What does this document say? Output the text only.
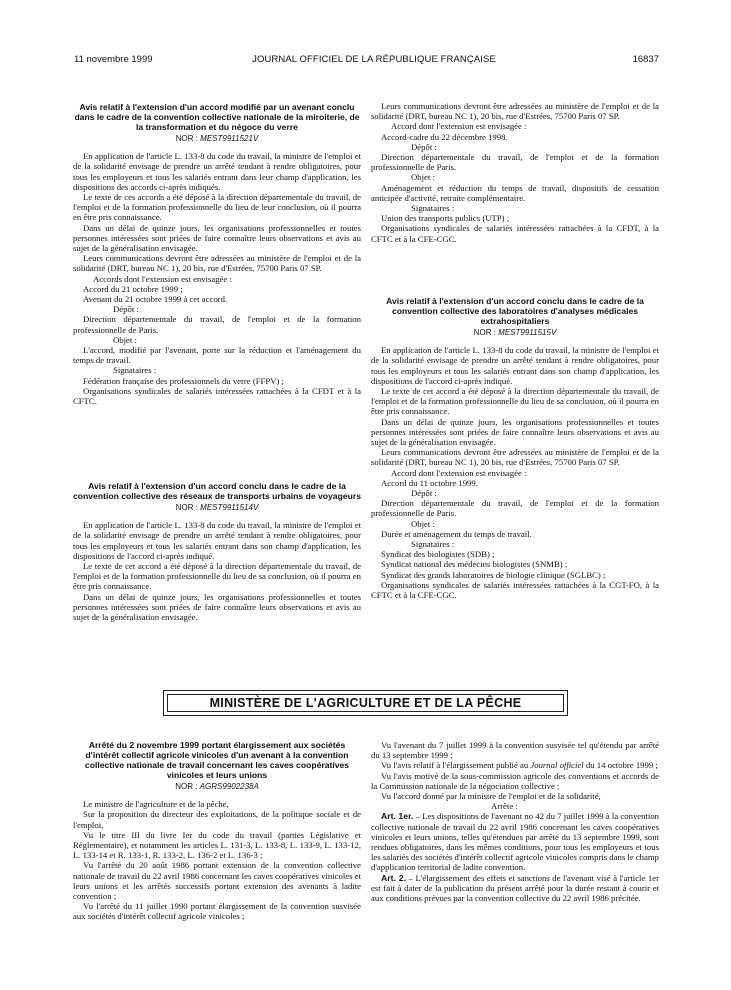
11 novembre 1999	JOURNAL OFFICIEL DE LA RÉPUBLIQUE FRANÇAISE	16837
Avis relatif à l'extension d'un accord modifié par un avenant conclu dans le cadre de la convention collective nationale de la miroiterie, de la transformation et du négoce du verre
NOR : MEST9911521V

En application de l'article L. 133-8 du code du travail, la ministre de l'emploi et de la solidarité envisage de prendre un arrêté tendant à rendre obligatoires, pour tous les employeurs et tous les salariés entrant dans leur champ d'application, les dispositions des accords ci-après indiqués.

Le texte de ces accords a été déposé à la direction départementale du travail, de l'emploi et de la formation professionnelle du lieu de leur conclusion, où il pourra en être pris connaissance.

Dans un délai de quinze jours, les organisations professionnelles et toutes personnes intéressées sont priées de faire connaître leurs observations et avis au sujet de la généralisation envisagée.

Leurs communications devront être adressées au ministère de l'emploi et de la solidarité (DRT, bureau NC 1), 20 bis, rue d'Estrées, 75700 Paris 07 SP.

Accords dont l'extension est envisagée :

Accord du 21 octobre 1999 ;

Avenant du 21 octobre 1999 à cet accord.

Dépôt :

Direction départementale du travail, de l'emploi et de la formation professionnelle de Paris.

Objet :

L'accord, modifié par l'avenant, porte sur la réduction et l'aménagement du temps de travail.

Signataires :

Fédération française des professionnels du verre (FFPV) ;

Organisations syndicales de salariés intéressées rattachées à la CFDT et à la CFTC.

Avis relatif à l'extension d'un accord conclu dans le cadre de la convention collective des réseaux de transports urbains de voyageurs
NOR : MEST9911514V

En application de l'article L. 133-8 du code du travail, la ministre de l'emploi et de la solidarité envisage de prendre un arrêté tendant à rendre obligatoires, pour tous les employeurs et tous les salariés entrant dans son champ d'application, les dispositions de l'accord ci-après indiqué.

Le texte de cet accord a été déposé à la direction départementale du travail, de l'emploi et de la formation professionnelle du lieu de sa conclusion, où il pourra en être pris connaissance.

Dans un délai de quinze jours, les organisations professionnelles et toutes personnes intéressées sont priées de faire connaître leurs observations et avis au sujet de la généralisation envisagée.

Leurs communications devront être adressées au ministère de l'emploi et de la solidarité (DRT, bureau NC 1), 20 bis, rue d'Estrées, 75700 Paris 07 SP.

Accord dont l'extension est envisagée :

Accord-cadre du 22 décembre 1998.

Dépôt :

Direction départementale du travail, de l'emploi et de la formation professionnelle de Paris.

Objet :

Aménagement et réduction du temps de travail, dispositifs de cessation anticipée d'activité, retraite complémentaire.

Signataires :

Union des transports publics (UTP) ;

Organisations syndicales de salariés intéressées rattachées à la CFDT, à la CFTC et à la CFE-CGC.

Avis relatif à l'extension d'un accord conclu dans le cadre de la convention collective des laboratoires d'analyses médicales extrahospitaliers
NOR : MEST9911515V

En application de l'article L. 133-8 du code du travail, la ministre de l'emploi et de la solidarité envisage de prendre un arrêté tendant à rendre obligatoires, pour tous les employeurs et tous les salariés entrant dans son champ d'application, les dispositions de l'accord ci-après indiqué.

Le texte de cet accord a été déposé à la direction départementale du travail, de l'emploi et de la formation professionnelle du lieu de sa conclusion, où il pourra en être pris connaissance.

Dans un délai de quinze jours, les organisations professionnelles et toutes personnes intéressées sont priées de faire connaître leurs observations et avis au sujet de la généralisation envisagée.

Leurs communications devront être adressées au ministère de l'emploi et de la solidarité (DRT, bureau NC 1), 20 bis, rue d'Estrées, 75700 Paris 07 SP.

Accord dont l'extension est envisagée :

Accord du 11 octobre 1999.

Dépôt :

Direction départementale du travail, de l'emploi et de la formation professionnelle de Paris.

Objet :

Durée et aménagement du temps de travail.

Signataires :

Syndicat des biologistes (SDB) ;

Syndicat national des médecins biologistes (SNMB) ;

Syndicat des grands laboratoires de biologie clinique (SGLBC) ;

Organisations syndicales de salariés intéressées rattachées à la CGT-FO, à la CFTC et à la CFE-CGC.

MINISTÈRE DE L'AGRICULTURE ET DE LA PÊCHE
Arrêté du 2 novembre 1999 portant élargissement aux sociétés d'intérêt collectif agricole vinicoles d'un avenant à la convention collective nationale de travail concernant les caves coopératives vinicoles et leurs unions
NOR : AGRS9902238A

Le ministre de l'agriculture et de la pêche,

Sur la proposition du directeur des exploitations, de la politique sociale et de l'emploi,

Vu le titre III du livre Ier du code du travail (parties Législative et Réglementaire), et notamment les articles L. 131-3, L. 133-8, L. 133-9, L. 133-12, L. 133-14 et R. 133-1, R. 133-2, L. 136-2 et L. 136-3 ;

Vu l'arrêté du 20 août 1986 portant extension de la convention collective nationale de travail du 22 avril 1986 concernant les caves coopératives vinicoles et leurs unions et les arrêtés successifs portant extension des avenants à ladite convention ;

Vu l'arrêté du 11 juillet 1990 portant élargissement de la convention susvisée aux sociétés d'intérêt collectif agricole vinicoles ;

Vu l'avenant du 7 juillet 1999 à la convention susvisée tel qu'étendu par arrêté du 13 septembre 1999 ;

Vu l'avis relatif à l'élargissement publié au Journal officiel du 14 octobre 1999 ;

Vu l'avis motivé de la sous-commission agricole des conventions et accords de la Commission nationale de la négociation collective ;

Vu l'accord donné par la ministre de l'emploi et de la solidarité,

Arrête :

Art. 1er. – Les dispositions de l'avenant no 42 du 7 juillet 1999 à la convention collective nationale de travail du 22 avril 1986 concernant les caves coopératives vinicoles et leurs unions, telles qu'étendues par arrêté du 13 septembre 1999, sont rendues obligatoires, dans les mêmes conditions, pour tous les employeurs et tous les salariés des sociétés d'intérêt collectif agricole vinicoles compris dans le champ d'application territorial de ladite convention.

Art. 2. – L'élargissement des effets et sanctions de l'avenant visé à l'article 1er est fait à dater de la publication du présent arrêté pour la durée restant à courir et aux conditions prévues par la convention collective du 22 avril 1986 précitée.
